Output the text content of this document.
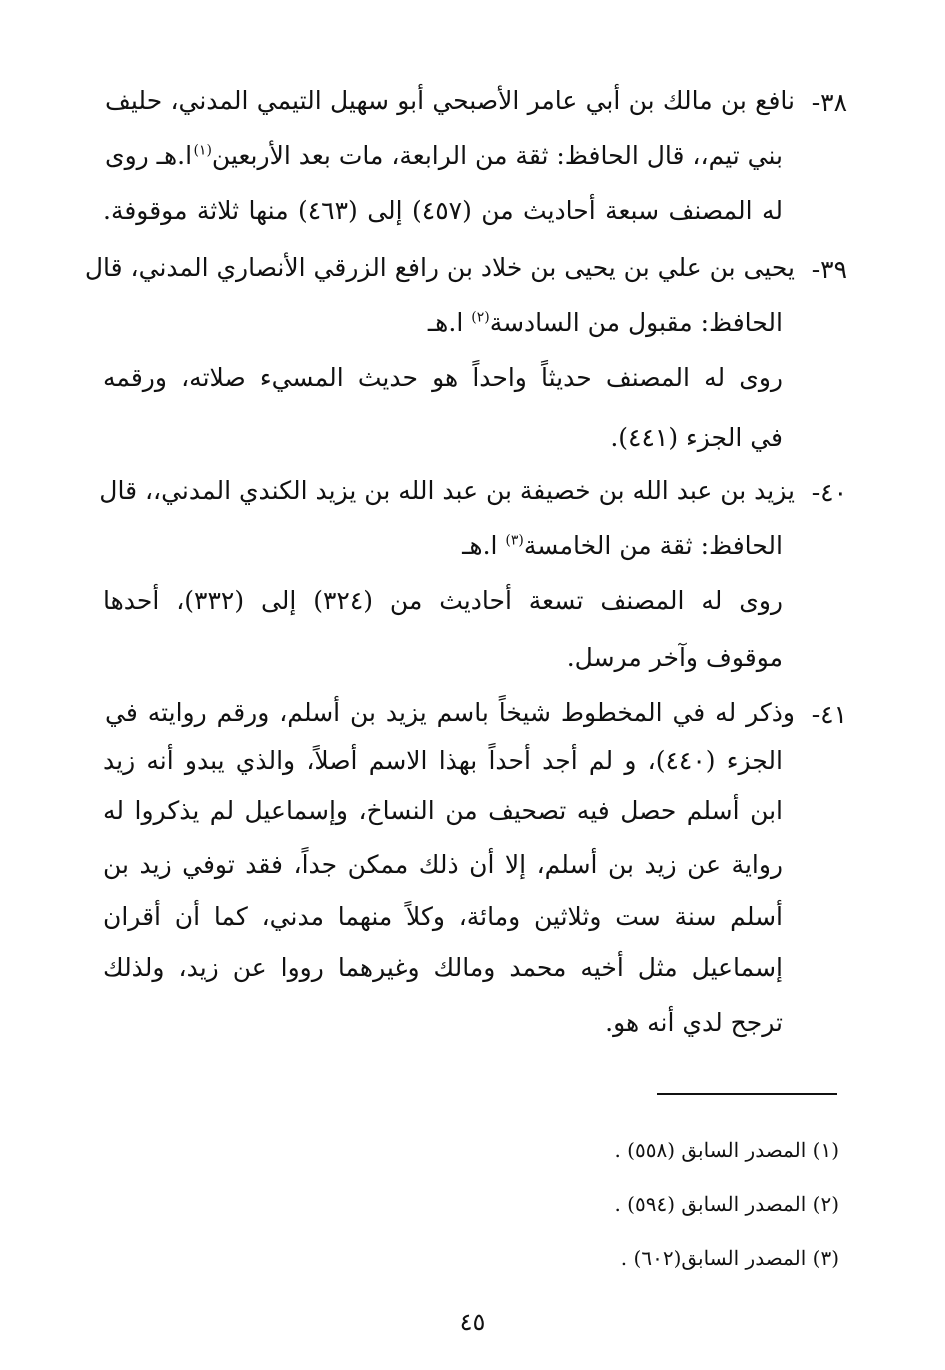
٣٨-
نافع بن مالك بن أبي عامر الأصبحي أبو سهيل التيمي المدني، حليف
بني تيم،، قال الحافظ: ثقة من الرابعة، مات بعد الأربعين$^{(١)}$
ا.هـ روى
له المصنف سبعة أحاديث من (٤٥٧) إلى (٤٦٣) منها ثلاثة موقوفة.
٣٩-
يحيى بن علي بن يحيى بن خلاد بن رافع الزرقي الأنصاري المدني، قال
الحافظ: مقبول من السادسة$^{(٢)}$ ا.هـ
روى له المصنف حديثاً واحداً هو حديث المسيء صلاته، ورقمه
في الجزء (٤٤١).
٤٠-
يزيد بن عبد الله بن خصيفة بن عبد الله بن يزيد الكندي المدني،، قال
الحافظ: ثقة من الخامسة$^{(٣)}$ ا.هـ
روى له المصنف تسعة أحاديث من (٣٢٤) إلى (٣٣٢)، أحدها
موقوف وآخر مرسل.
٤١-
وذكر له في المخطوط شيخاً باسم يزيد بن أسلم، ورقم روايته في
الجزء (٤٤٠)، و لم أجد أحداً بهذا الاسم أصلاً، والذي يبدو أنه زيد
ابن أسلم حصل فيه تصحيف من النساخ، وإسماعيل لم يذكروا له
رواية عن زيد بن أسلم، إلا أن ذلك ممكن جداً، فقد توفي زيد بن
أسلم سنة ست وثلاثين ومائة، وكلاً منهما مدني، كما أن أقران
إسماعيل مثل أخيه محمد ومالك وغيرهما رووا عن زيد، ولذلك
ترجح لدي أنه هو.
(١) المصدر السابق (٥٥٨) .
(٢) المصدر السابق (٥٩٤) .
(٣) المصدر السابق(٦٠٢) .
٤٥
